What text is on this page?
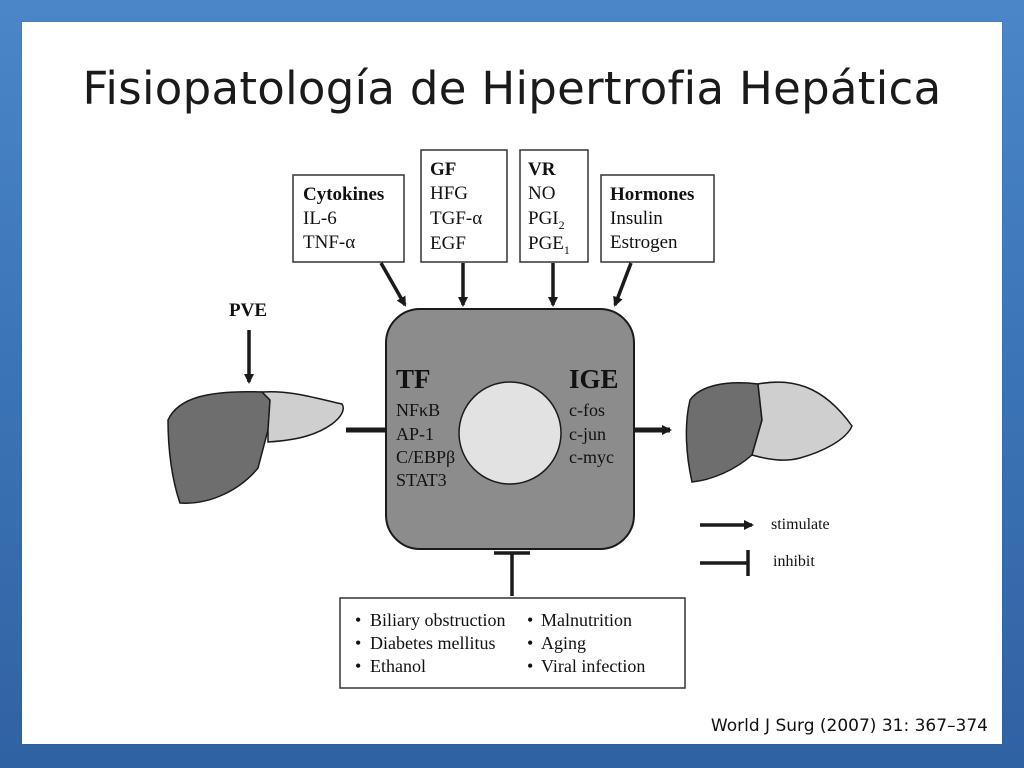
Fisiopatología de Hipertrofia Hepática
Cytokines
IL-6
TNF-α
GF
HFG
TGF-α
EGF
VR
NO
$PGI_2$
$PGE_1$
Hormones
Insulin
Estrogen
PVE
TF
NFκB
AP-1
C/EBPβ
STAT3
IGE
c-fos
c-jun
c-myc
stimulate
inhibit
• Biliary obstruction
• Diabetes mellitus
• Ethanol
• Malnutrition
• Aging
• Viral infection
World J Surg (2007) 31: 367–374
